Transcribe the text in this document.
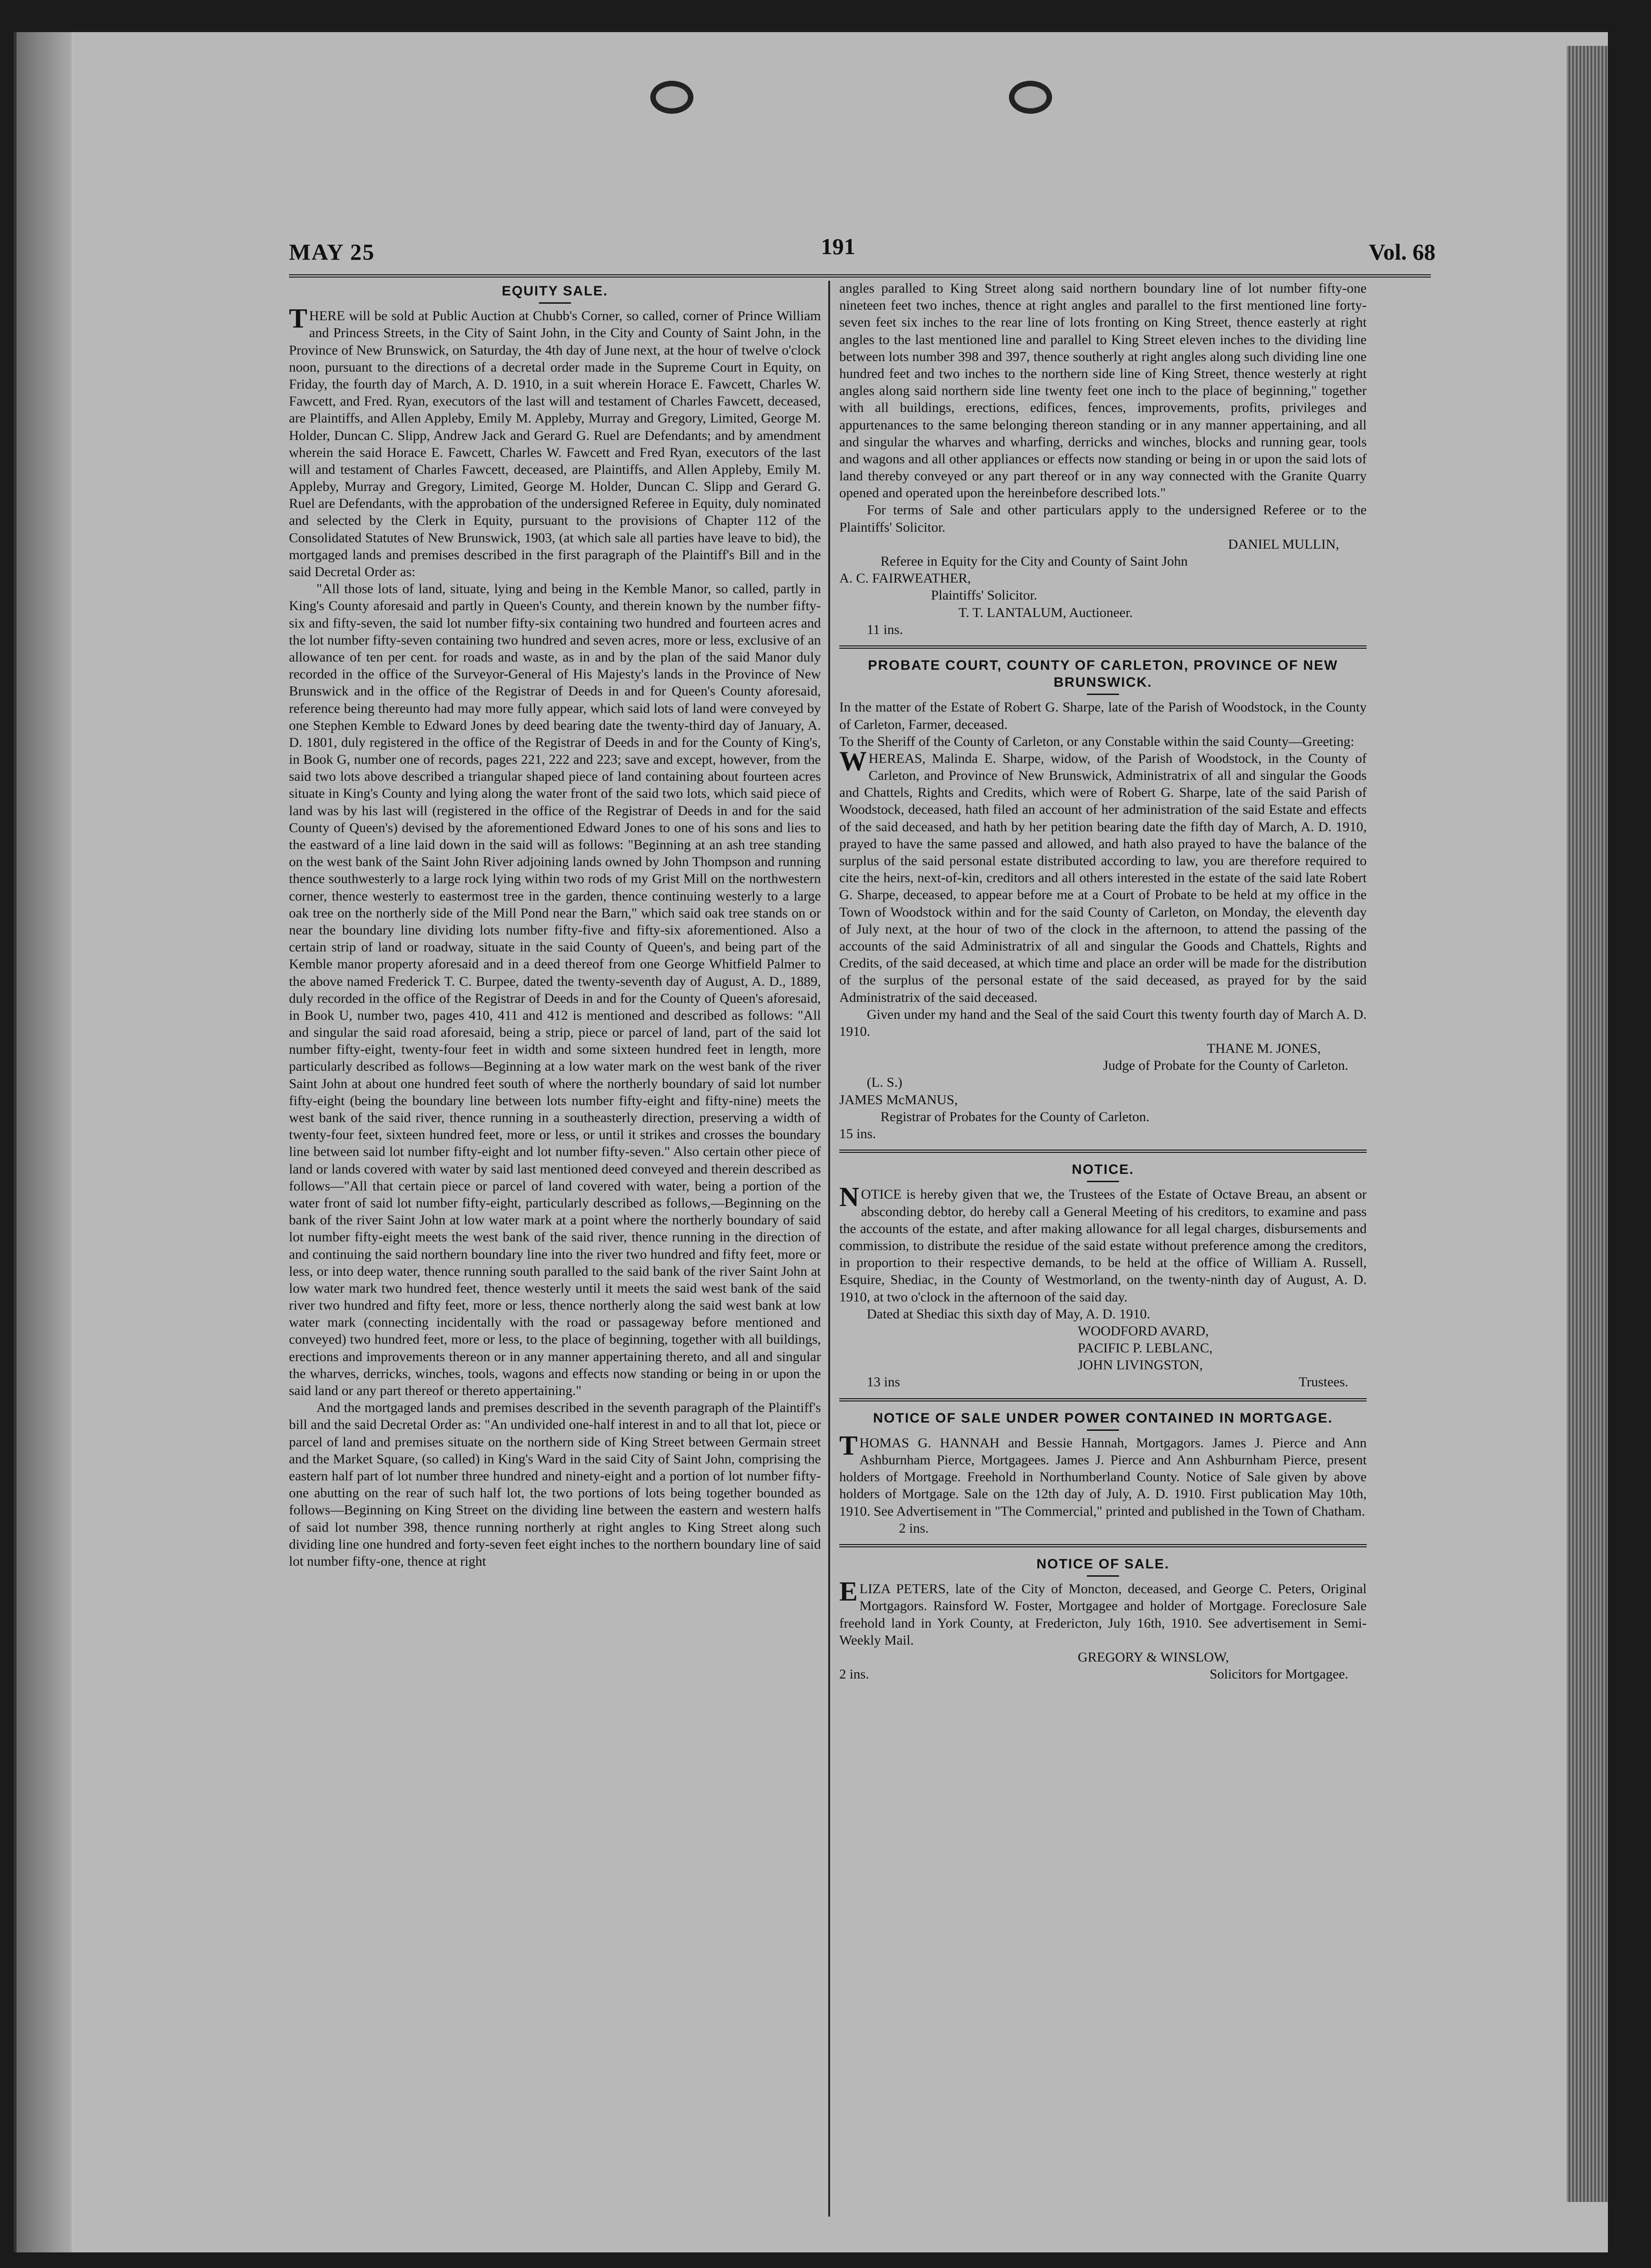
MAY 25	191	Vol. 68
EQUITY SALE.

THERE will be sold at Public Auction at Chubb's Corner, so called, corner of Prince William and Princess Streets, in the City of Saint John, in the City and County of Saint John, in the Province of New Brunswick, on Saturday, the 4th day of June next, at the hour of twelve o'clock noon, pursuant to the directions of a decretal order made in the Supreme Court in Equity, on Friday, the fourth day of March, A. D. 1910, in a suit wherein Horace E. Fawcett, Charles W. Fawcett, and Fred. Ryan, executors of the last will and testament of Charles Fawcett, deceased, are Plaintiffs, and Allen Appleby, Emily M. Appleby, Murray and Gregory, Limited, George M. Holder, Duncan C. Slipp, Andrew Jack and Gerard G. Ruel are Defendants; and by amendment wherein the said Horace E. Fawcett, Charles W. Fawcett and Fred Ryan, executors of the last will and testament of Charles Fawcett, deceased, are Plaintiffs, and Allen Appleby, Emily M. Appleby, Murray and Gregory, Limited, George M. Holder, Duncan C. Slipp and Gerard G. Ruel are Defendants, with the approbation of the undersigned Referee in Equity, duly nominated and selected by the Clerk in Equity, pursuant to the provisions of Chapter 112 of the Consolidated Statutes of New Brunswick, 1903, (at which sale all parties have leave to bid), the mortgaged lands and premises described in the first paragraph of the Plaintiff's Bill and in the said Decretal Order as:

"All those lots of land, situate, lying and being in the Kemble Manor, so called, partly in King's County aforesaid and partly in Queen's County, and therein known by the number fifty-six and fifty-seven, the said lot number fifty-six containing two hundred and fourteen acres and the lot number fifty-seven containing two hundred and seven acres, more or less, exclusive of an allowance of ten per cent. for roads and waste, as in and by the plan of the said Manor duly recorded in the office of the Surveyor-General of His Majesty's lands in the Province of New Brunswick and in the office of the Registrar of Deeds in and for Queen's County aforesaid, reference being thereunto had may more fully appear, which said lots of land were conveyed by one Stephen Kemble to Edward Jones by deed bearing date the twenty-third day of January, A. D. 1801, duly registered in the office of the Registrar of Deeds in and for the County of King's, in Book G, number one of records, pages 221, 222 and 223; save and except, however, from the said two lots above described a triangular shaped piece of land containing about fourteen acres situate in King's County and lying along the water front of the said two lots, which said piece of land was by his last will (registered in the office of the Registrar of Deeds in and for the said County of Queen's) devised by the aforementioned Edward Jones to one of his sons and lies to the eastward of a line laid down in the said will as follows: "Beginning at an ash tree standing on the west bank of the Saint John River adjoining lands owned by John Thompson and running thence southwesterly to a large rock lying within two rods of my Grist Mill on the northwestern corner, thence westerly to eastermost tree in the garden, thence continuing westerly to a large oak tree on the northerly side of the Mill Pond near the Barn," which said oak tree stands on or near the boundary line dividing lots number fifty-five and fifty-six aforementioned. Also a certain strip of land or roadway, situate in the said County of Queen's, and being part of the Kemble manor property aforesaid and in a deed thereof from one George Whitfield Palmer to the above named Frederick T. C. Burpee, dated the twenty-seventh day of August, A. D., 1889, duly recorded in the office of the Registrar of Deeds in and for the County of Queen's aforesaid, in Book U, number two, pages 410, 411 and 412 is mentioned and described as follows: "All and singular the said road aforesaid, being a strip, piece or parcel of land, part of the said lot number fifty-eight, twenty-four feet in width and some sixteen hundred feet in length, more particularly described as follows—Beginning at a low water mark on the west bank of the river Saint John at about one hundred feet south of where the northerly boundary of said lot number fifty-eight (being the boundary line between lots number fifty-eight and fifty-nine) meets the west bank of the said river, thence running in a southeasterly direction, preserving a width of twenty-four feet, sixteen hundred feet, more or less, or until it strikes and crosses the boundary line between said lot number fifty-eight and lot number fifty-seven." Also certain other piece of land or lands covered with water by said last mentioned deed conveyed and therein described as follows—"All that certain piece or parcel of land covered with water, being a portion of the water front of said lot number fifty-eight, particularly described as follows,—Beginning on the bank of the river Saint John at low water mark at a point where the northerly boundary of said lot number fifty-eight meets the west bank of the said river, thence running in the direction of and continuing the said northern boundary line into the river two hundred and fifty feet, more or less, or into deep water, thence running south paralled to the said bank of the river Saint John at low water mark two hundred feet, thence westerly until it meets the said west bank of the said river two hundred and fifty feet, more or less, thence northerly along the said west bank at low water mark (connecting incidentally with the road or passageway before mentioned and conveyed) two hundred feet, more or less, to the place of beginning, together with all buildings, erections and improvements thereon or in any manner appertaining thereto, and all and singular the wharves, derricks, winches, tools, wagons and effects now standing or being in or upon the said land or any part thereof or thereto appertaining."

And the mortgaged lands and premises described in the seventh paragraph of the Plaintiff's bill and the said Decretal Order as: "An undivided one-half interest in and to all that lot, piece or parcel of land and premises situate on the northern side of King Street between Germain street and the Market Square, (so called) in King's Ward in the said City of Saint John, comprising the eastern half part of lot number three hundred and ninety-eight and a portion of lot number fifty-one abutting on the rear of such half lot, the two portions of lots being together bounded as follows—Beginning on King Street on the dividing line between the eastern and western halfs of said lot number 398, thence running northerly at right angles to King Street along such dividing line one hundred and forty-seven feet eight inches to the northern boundary line of said lot number fifty-one, thence at right

angles paralled to King Street along said northern boundary line of lot number fifty-one nineteen feet two inches, thence at right angles and parallel to the first mentioned line forty-seven feet six inches to the rear line of lots fronting on King Street, thence easterly at right angles to the last mentioned line and parallel to King Street eleven inches to the dividing line between lots number 398 and 397, thence southerly at right angles along such dividing line one hundred feet and two inches to the northern side line of King Street, thence westerly at right angles along said northern side line twenty feet one inch to the place of beginning," together with all buildings, erections, edifices, fences, improvements, profits, privileges and appurtenances to the same belonging thereon standing or in any manner appertaining, and all and singular the wharves and wharfing, derricks and winches, blocks and running gear, tools and wagons and all other appliances or effects now standing or being in or upon the said lots of land thereby conveyed or any part thereof or in any way connected with the Granite Quarry opened and operated upon the hereinbefore described lots."

For terms of Sale and other particulars apply to the undersigned Referee or to the Plaintiffs' Solicitor.

DANIEL MULLIN,

Referee in Equity for the City and County of Saint John

A. C. FAIRWEATHER,

Plaintiffs' Solicitor.

T. T. LANTALUM, Auctioneer.

11 ins.

PROBATE COURT, COUNTY OF CARLETON, PROVINCE OF NEW BRUNSWICK.

In the matter of the Estate of Robert G. Sharpe, late of the Parish of Woodstock, in the County of Carleton, Farmer, deceased.

To the Sheriff of the County of Carleton, or any Constable within the said County—Greeting:

WHEREAS, Malinda E. Sharpe, widow, of the Parish of Woodstock, in the County of Carleton, and Province of New Brunswick, Administratrix of all and singular the Goods and Chattels, Rights and Credits, which were of Robert G. Sharpe, late of the said Parish of Woodstock, deceased, hath filed an account of her administration of the said Estate and effects of the said deceased, and hath by her petition bearing date the fifth day of March, A. D. 1910, prayed to have the same passed and allowed, and hath also prayed to have the balance of the surplus of the said personal estate distributed according to law, you are therefore required to cite the heirs, next-of-kin, creditors and all others interested in the estate of the said late Robert G. Sharpe, deceased, to appear before me at a Court of Probate to be held at my office in the Town of Woodstock within and for the said County of Carleton, on Monday, the eleventh day of July next, at the hour of two of the clock in the afternoon, to attend the passing of the accounts of the said Administratrix of all and singular the Goods and Chattels, Rights and Credits, of the said deceased, at which time and place an order will be made for the distribution of the surplus of the personal estate of the said deceased, as prayed for by the said Administratrix of the said deceased.

Given under my hand and the Seal of the said Court this twenty fourth day of March A. D. 1910.

THANE M. JONES,

Judge of Probate for the County of Carleton.

(L. S.)

JAMES McMANUS,

Registrar of Probates for the County of Carleton.

15 ins.

NOTICE.

NOTICE is hereby given that we, the Trustees of the Estate of Octave Breau, an absent or absconding debtor, do hereby call a General Meeting of his creditors, to examine and pass the accounts of the estate, and after making allowance for all legal charges, disbursements and commission, to distribute the residue of the said estate without preference among the creditors, in proportion to their respective demands, to be held at the office of William A. Russell, Esquire, Shediac, in the County of Westmorland, on the twenty-ninth day of August, A. D. 1910, at two o'clock in the afternoon of the said day.

Dated at Shediac this sixth day of May, A. D. 1910.

WOODFORD AVARD,

PACIFIC P. LEBLANC,

JOHN LIVINGSTON,

13 ins	Trustees.

NOTICE OF SALE UNDER POWER CONTAINED IN MORTGAGE.

THOMAS G. HANNAH and Bessie Hannah, Mortgagors. James J. Pierce and Ann Ashburnham Pierce, Mortgagees. James J. Pierce and Ann Ashburnham Pierce, present holders of Mortgage. Freehold in Northumberland County. Notice of Sale given by above holders of Mortgage. Sale on the 12th day of July, A. D. 1910. First publication May 10th, 1910. See Advertisement in "The Commercial," printed and published in the Town of Chatham.

2 ins.

NOTICE OF SALE.

ELIZA PETERS, late of the City of Moncton, deceased, and George C. Peters, Original Mortgagors. Rainsford W. Foster, Mortgagee and holder of Mortgage. Foreclosure Sale freehold land in York County, at Fredericton, July 16th, 1910. See advertisement in Semi-Weekly Mail.

GREGORY & WINSLOW,

2 ins.	Solicitors for Mortgagee.
